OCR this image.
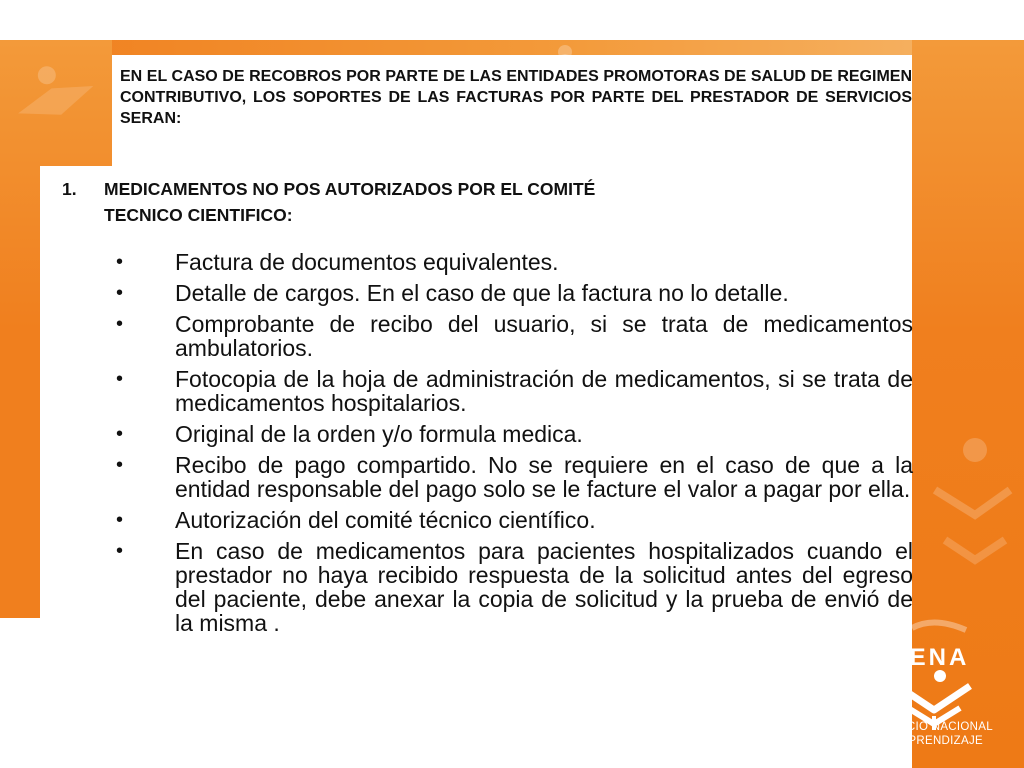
EN EL CASO DE RECOBROS POR PARTE DE LAS ENTIDADES PROMOTORAS DE SALUD DE REGIMEN CONTRIBUTIVO, LOS SOPORTES DE LAS FACTURAS POR PARTE DEL PRESTADOR DE SERVICIOS SERAN:
1. MEDICAMENTOS NO POS AUTORIZADOS POR EL COMITÉ
TECNICO CIENTIFICO:
• Factura de documentos equivalentes.
• Detalle de cargos. En el caso de que la factura no lo detalle.
• Comprobante de recibo del usuario, si se trata de medicamentos ambulatorios.
• Fotocopia de la hoja de administración de medicamentos, si se trata de medicamentos hospitalarios.
• Original de la orden y/o formula medica.
• Recibo de pago compartido. No se requiere en el caso de que a la entidad responsable del pago solo se le facture el valor a pagar por ella.
• Autorización del comité técnico científico.
• En caso de medicamentos para pacientes hospitalizados cuando el prestador no haya recibido respuesta de la solicitud antes del egreso del paciente, debe anexar la copia de solicitud y la prueba de envió de la misma .
SENA
SERVICIO NACIONAL
DE APRENDIZAJE
